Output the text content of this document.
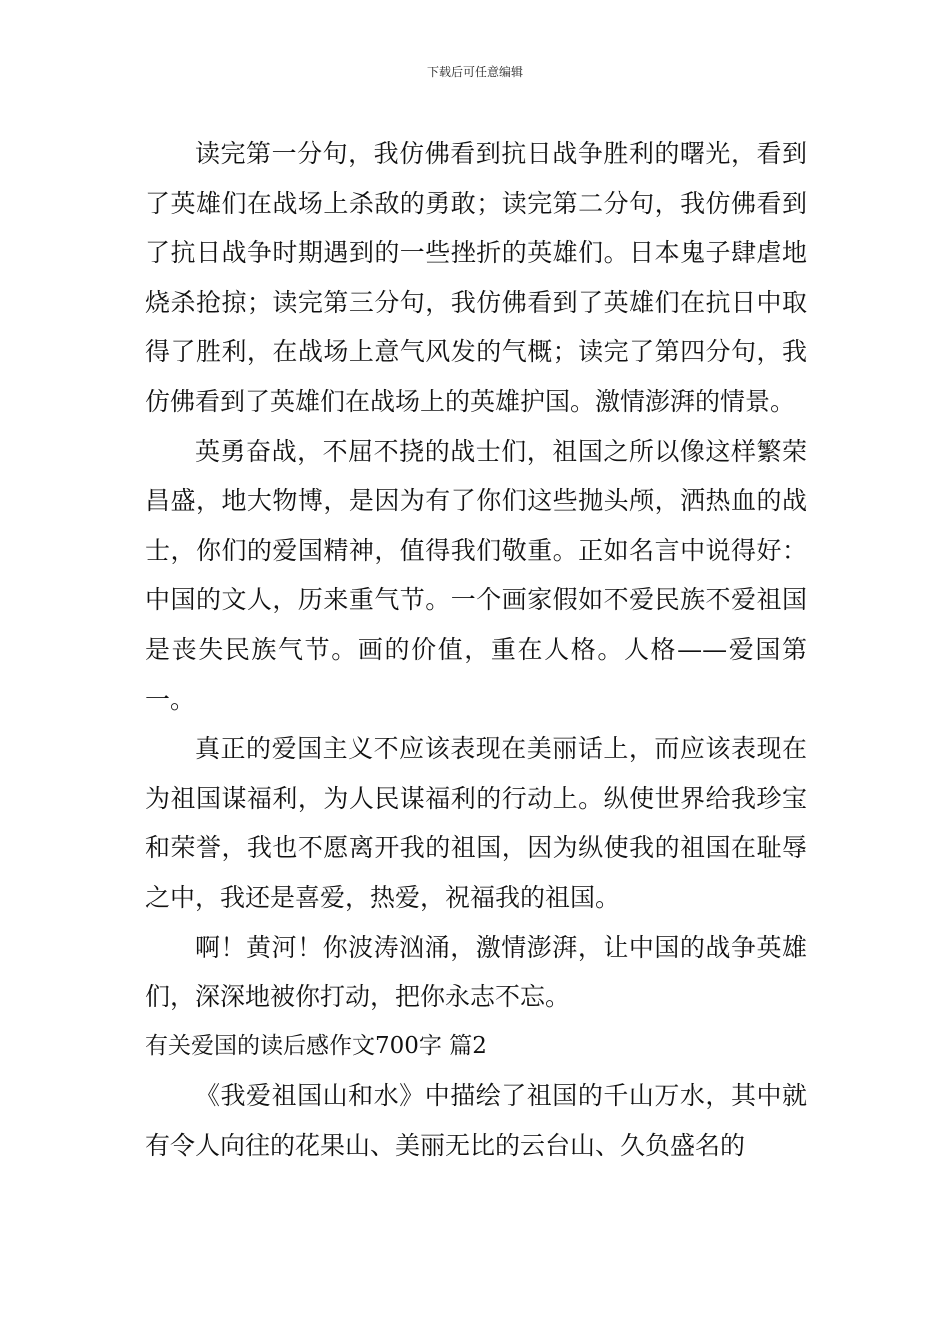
下载后可任意编辑

读完第一分句，我仿佛看到抗日战争胜利的曙光，看到了英雄们在战场上杀敌的勇敢；读完第二分句，我仿佛看到了抗日战争时期遇到的一些挫折的英雄们。日本鬼子肆虐地烧杀抢掠；读完第三分句，我仿佛看到了英雄们在抗日中取得了胜利，在战场上意气风发的气概；读完了第四分句，我仿佛看到了英雄们在战场上的英雄护国。激情澎湃的情景。

英勇奋战，不屈不挠的战士们，祖国之所以像这样繁荣昌盛，地大物博，是因为有了你们这些抛头颅，洒热血的战士，你们的爱国精神，值得我们敬重。正如名言中说得好：中国的文人，历来重气节。一个画家假如不爱民族不爱祖国是丧失民族气节。画的价值，重在人格。人格——爱国第一。

真正的爱国主义不应该表现在美丽话上，而应该表现在为祖国谋福利，为人民谋福利的行动上。纵使世界给我珍宝和荣誉，我也不愿离开我的祖国，因为纵使我的祖国在耻辱之中，我还是喜爱，热爱，祝福我的祖国。

啊！黄河！你波涛汹涌，激情澎湃，让中国的战争英雄们，深深地被你打动，把你永志不忘。

有关爱国的读后感作文700字 篇2

《我爱祖国山和水》中描绘了祖国的千山万水，其中就有令人向往的花果山、美丽无比的云台山、久负盛名的
